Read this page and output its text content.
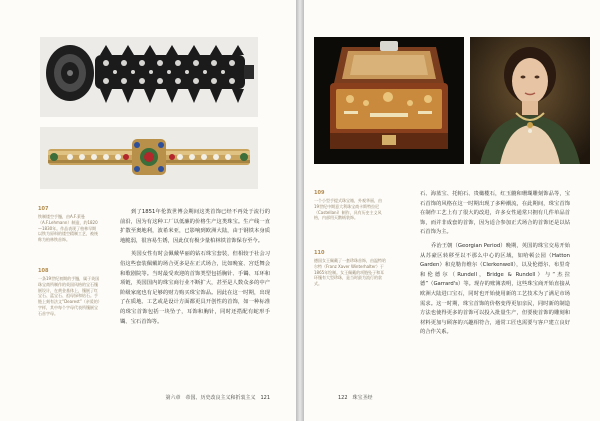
107
铁制镂空手镯，由A.F.莱曼（A.F.Lehmann）制造，约1820—1830年。作品表现了柏林早期以铁为原料的镂空精制工艺，被统称为柏林铁首饰。
108
一条19世纪初期的手镯，属于英国珠宝商所制作的英国风格的宝石镶嵌设计，在黄金基体上，镶嵌了红宝石、蓝宝石、祖母绿和钻石。手链上刻有法文“Dearest”（亲爱的）字样，其中每个字母代表所镶嵌宝石首字母。

到了1851年伦敦世博会期间这类首饰已经不再处于流行的前沿，因为有这种工厂以低廉的价格生产这类珠宝。生产线一直扩散至奥地利，波希米亚，已影响到欧洲大陆，由于钢铁本身质地脆弱，很容易生锈，因此仅有极少量柏林铁首饰保存至今。

英国女性有时会佩戴华丽的钻石珠宝套装，但相较于社会习俗这些套装佩戴的场合更多是在正式场合，比如晚宴、宫廷舞会和歌剧院等。当时最受欢迎的首饰类型包括胸针、手镯、耳环和项链，英国国内的珠宝商行业不断扩大，甚至是人数众多的中产阶级家庭也有足够的财力购买珠宝饰品。因此在这一时期，出现了在质地、工艺或是设计方面都更具开创性的首饰，如一种标准的珠宝首饰包括一块坠子，耳饰和胸针，同时还搭配有蛇形手镯、宝石首饰等。

第六章　帝国、历史改良主义和折衷主义　121
109
一个小型手提式珠宝箱，外观华丽，由19世纪中期意大利珠宝商卡斯特拉尼（Castellani）制作，具有历史主义风格，内部用天鹅绒装饰。
110
德国女王佩戴了一套珍珠首饰，由温特哈尔特（Franz Xaver Winterhalter）于1865年绘制。女王佩戴的项链坠子和耳环镶有大型珍珠，是当时最为流行的款式。

石、海蓝宝、托帕石、贵橄榄石，红玉髓和珊瑚雕刻饰品等，宝石首饰的风格在这一时期出现了多种潮流，在此期间，珠宝首饰在制作工艺上有了很大的改进，许多女性通常只拥有几件单品首饰，而并非成套的首饰，因为适合参加正式场合的首饰还是以钻石首饰为主。

乔治王朝（Georgian Period）晚期，英国的珠宝交易开始从苏豪区转移至以不那么中心的区域，如哈顿公园（Hatton Garden）和克勒肯维尔（Clerkenwell），以及伦德尔、布里奇和伦德尔（Rundell，Bridge & Rundell）与“杰拉德”（Garrard's）等。现存的账簿表明，这些珠宝商开始直接从欧洲大陆进口宝石，同时也开始使用新的工艺技术为了满足市场需求。这一时期，珠宝首饰的价格变得更加亲民，同时新的制造方法也使得更多的首饰可以投入批量生产，但要使首饰的雕刻和材料更加与顾客的兴趣相符合，通常工匠也需要与客户建立良好的合作关系。

122　珠宝圣经
